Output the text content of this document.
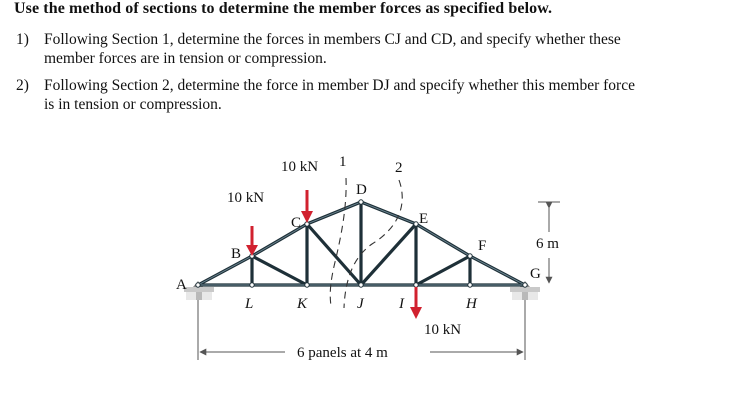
Use the method of sections to determine the member forces as specified below.
1) Following Section 1, determine the forces in members CJ and CD, and specify whether these
member forces are in tension or compression.
2) Following Section 2, determine the force in member DJ and specify whether this member force
is in tension or compression.
10 kN
10 kN
10 kN
1	2
A
B
C
D
E
F
G
H
I
J
K
L
6 m
6 panels at 4 m
